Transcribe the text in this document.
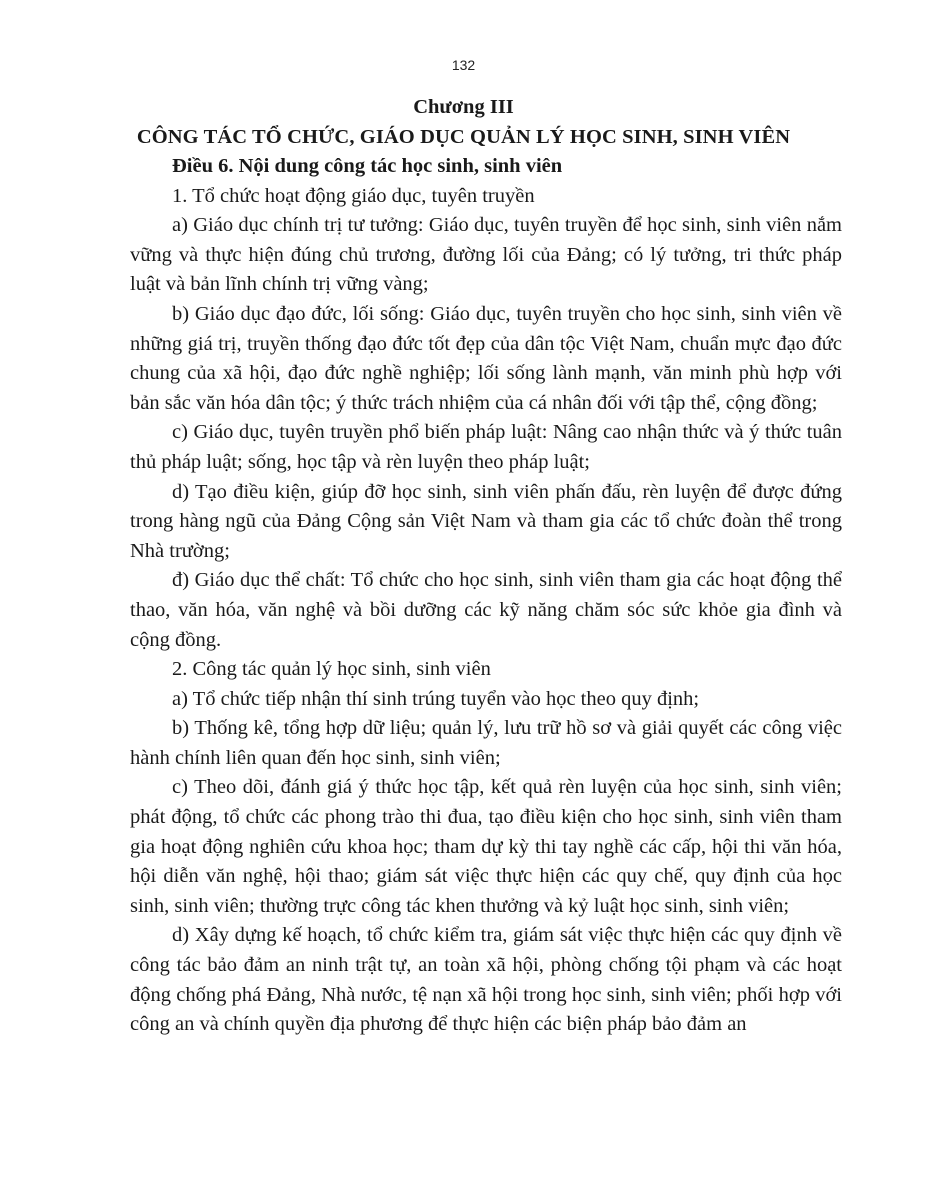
132
Chương III
CÔNG TÁC TỔ CHỨC, GIÁO DỤC QUẢN LÝ HỌC SINH, SINH VIÊN

Điều 6. Nội dung công tác học sinh, sinh viên

1. Tổ chức hoạt động giáo dục, tuyên truyền

a) Giáo dục chính trị tư tưởng: Giáo dục, tuyên truyền để học sinh, sinh viên nắm vững và thực hiện đúng chủ trương, đường lối của Đảng; có lý tưởng, tri thức pháp luật và bản lĩnh chính trị vững vàng;

b) Giáo dục đạo đức, lối sống: Giáo dục, tuyên truyền cho học sinh, sinh viên về những giá trị, truyền thống đạo đức tốt đẹp của dân tộc Việt Nam, chuẩn mực đạo đức chung của xã hội, đạo đức nghề nghiệp; lối sống lành mạnh, văn minh phù hợp với bản sắc văn hóa dân tộc; ý thức trách nhiệm của cá nhân đối với tập thể, cộng đồng;

c) Giáo dục, tuyên truyền phổ biến pháp luật: Nâng cao nhận thức và ý thức tuân thủ pháp luật; sống, học tập và rèn luyện theo pháp luật;

d) Tạo điều kiện, giúp đỡ học sinh, sinh viên phấn đấu, rèn luyện để được đứng trong hàng ngũ của Đảng Cộng sản Việt Nam và tham gia các tổ chức đoàn thể trong Nhà trường;

đ) Giáo dục thể chất: Tổ chức cho học sinh, sinh viên tham gia các hoạt động thể thao, văn hóa, văn nghệ và bồi dưỡng các kỹ năng chăm sóc sức khỏe gia đình và cộng đồng.

2. Công tác quản lý học sinh, sinh viên

a) Tổ chức tiếp nhận thí sinh trúng tuyển vào học theo quy định;

b) Thống kê, tổng hợp dữ liệu; quản lý, lưu trữ hồ sơ và giải quyết các công việc hành chính liên quan đến học sinh, sinh viên;

c) Theo dõi, đánh giá ý thức học tập, kết quả rèn luyện của học sinh, sinh viên; phát động, tổ chức các phong trào thi đua, tạo điều kiện cho học sinh, sinh viên tham gia hoạt động nghiên cứu khoa học; tham dự kỳ thi tay nghề các cấp, hội thi văn hóa, hội diễn văn nghệ, hội thao; giám sát việc thực hiện các quy chế, quy định của học sinh, sinh viên; thường trực công tác khen thưởng và kỷ luật học sinh, sinh viên;

d) Xây dựng kế hoạch, tổ chức kiểm tra, giám sát việc thực hiện các quy định về công tác bảo đảm an ninh trật tự, an toàn xã hội, phòng chống tội phạm và các hoạt động chống phá Đảng, Nhà nước, tệ nạn xã hội trong học sinh, sinh viên; phối hợp với công an và chính quyền địa phương để thực hiện các biện pháp bảo đảm an
